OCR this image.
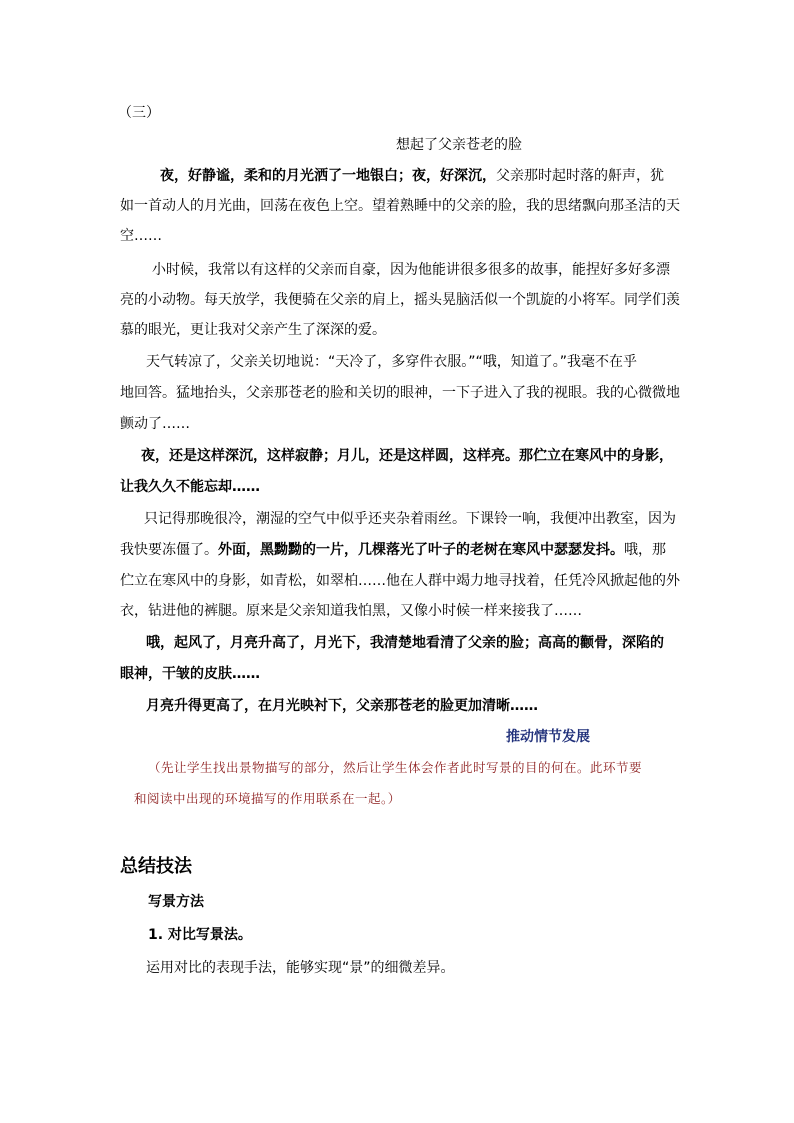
（三）
想起了父亲苍老的脸
夜，好静谧，柔和的月光洒了一地银白；夜，好深沉，父亲那时起时落的鼾声，犹
如一首动人的月光曲，回荡在夜色上空。望着熟睡中的父亲的脸，我的思绪飘向那圣洁的天
空……
小时候，我常以有这样的父亲而自豪，因为他能讲很多很多的故事，能捏好多好多漂
亮的小动物。每天放学，我便骑在父亲的肩上，摇头晃脑活似一个凯旋的小将军。同学们羡
慕的眼光，更让我对父亲产生了深深的爱。
天气转凉了，父亲关切地说：“天冷了，多穿件衣服。”“哦，知道了。”我毫不在乎
地回答。猛地抬头，父亲那苍老的脸和关切的眼神，一下子进入了我的视眼。我的心微微地
颤动了……
夜，还是这样深沉，这样寂静；月儿，还是这样圆，这样亮。那伫立在寒风中的身影，
让我久久不能忘却……
只记得那晚很冷，潮湿的空气中似乎还夹杂着雨丝。下课铃一响，我便冲出教室，因为
我快要冻僵了。外面，黑黝黝的一片，几棵落光了叶子的老树在寒风中瑟瑟发抖。哦，那
伫立在寒风中的身影，如青松，如翠柏……他在人群中竭力地寻找着，任凭冷风掀起他的外
衣，钻进他的裤腿。原来是父亲知道我怕黑，又像小时候一样来接我了……
哦，起风了，月亮升高了，月光下，我清楚地看清了父亲的脸；高高的颧骨，深陷的
眼神，干皱的皮肤……
月亮升得更高了，在月光映衬下，父亲那苍老的脸更加清晰……
推动情节发展
（先让学生找出景物描写的部分，然后让学生体会作者此时写景的目的何在。此环节要
和阅读中出现的环境描写的作用联系在一起。）
总结技法
写景方法
1. 对比写景法。
运用对比的表现手法，能够实现“景”的细微差异。
